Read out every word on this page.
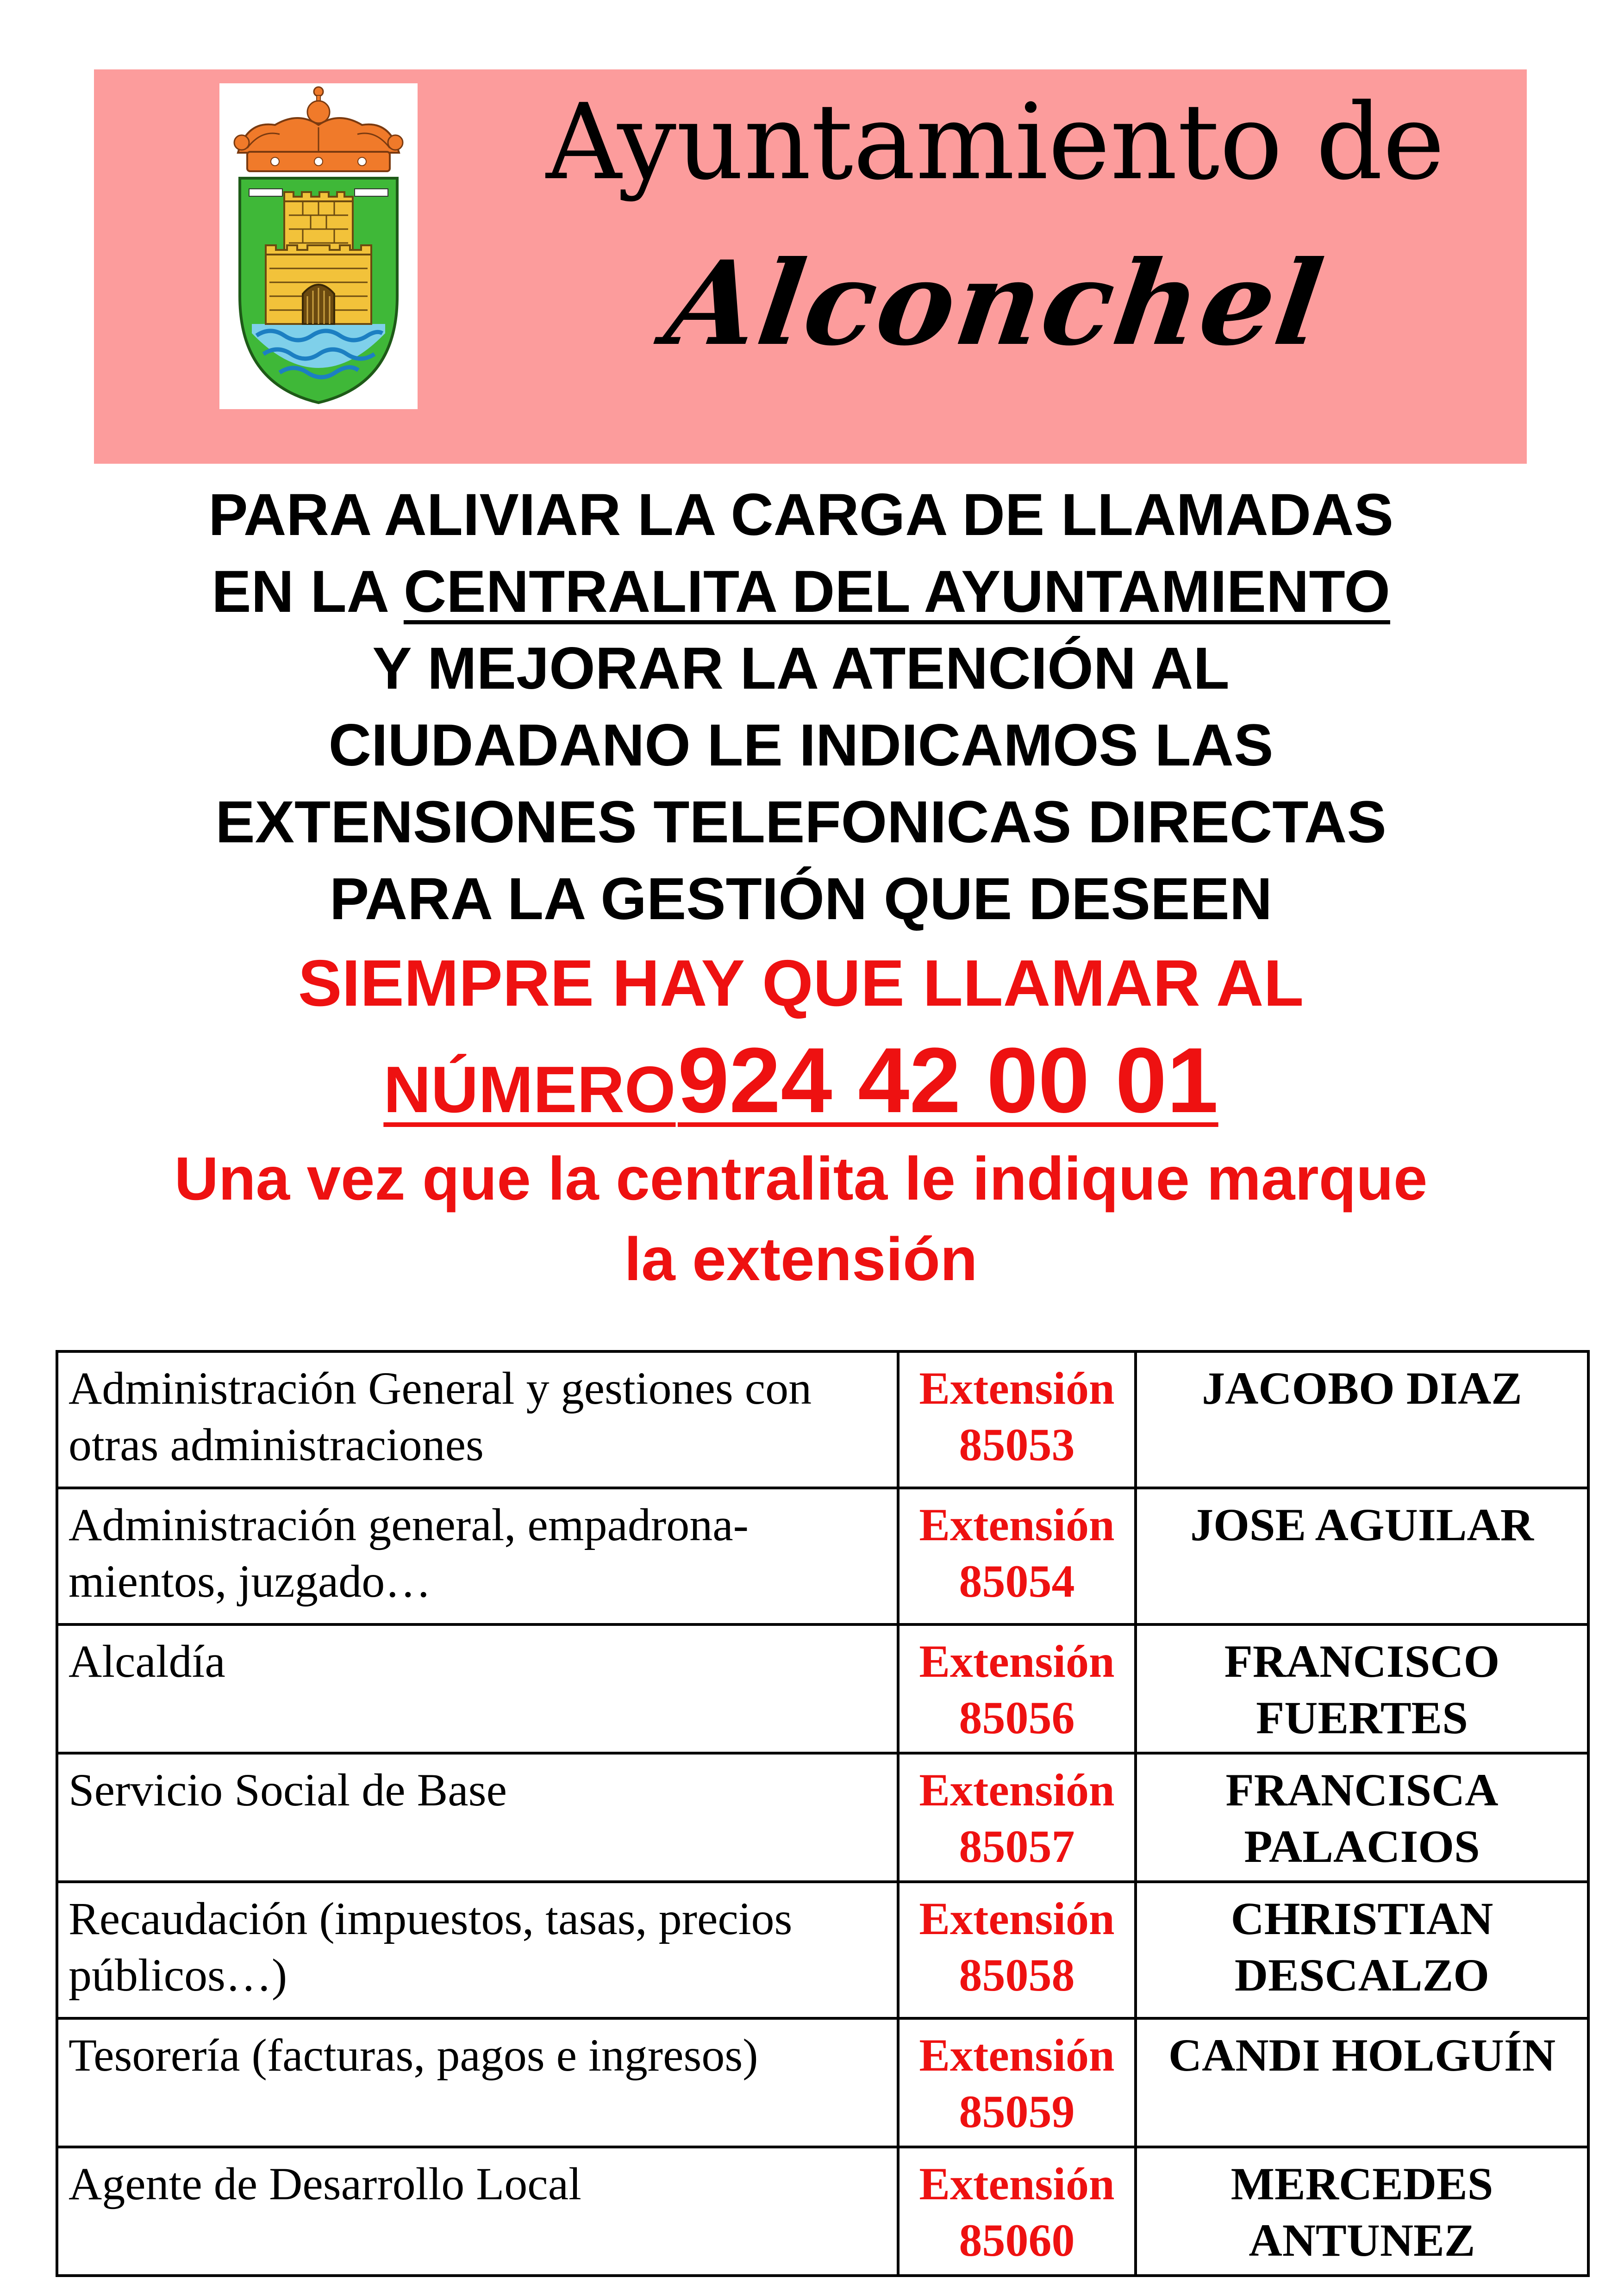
Ayuntamiento de
Alconchel
PARA ALIVIAR LA CARGA DE LLAMADAS
EN LA CENTRALITA DEL AYUNTAMIENTO
Y MEJORAR LA ATENCIÓN AL
CIUDADANO LE INDICAMOS LAS
EXTENSIONES TELEFONICAS DIRECTAS
PARA LA GESTIÓN QUE DESEEN
SIEMPRE HAY QUE LLAMAR AL
NÚMERO 924 42 00 01
Una vez que la centralita le indique marque
la extensión
Administración General y gestiones con otras administraciones	Extensión
85053	JACOBO DIAZ

Administración general, empadrona-mientos, juzgado…	Extensión
85054	JOSE AGUILAR

Alcaldía	Extensión
85056	FRANCISCO
FUERTES

Servicio Social de Base	Extensión
85057	FRANCISCA
PALACIOS

Recaudación (impuestos, tasas, precios públicos…)	Extensión
85058	CHRISTIAN
DESCALZO

Tesorería (facturas, pagos e ingresos)	Extensión
85059	CANDI HOLGUÍN

Agente de Desarrollo Local	Extensión
85060	MERCEDES
ANTUNEZ
